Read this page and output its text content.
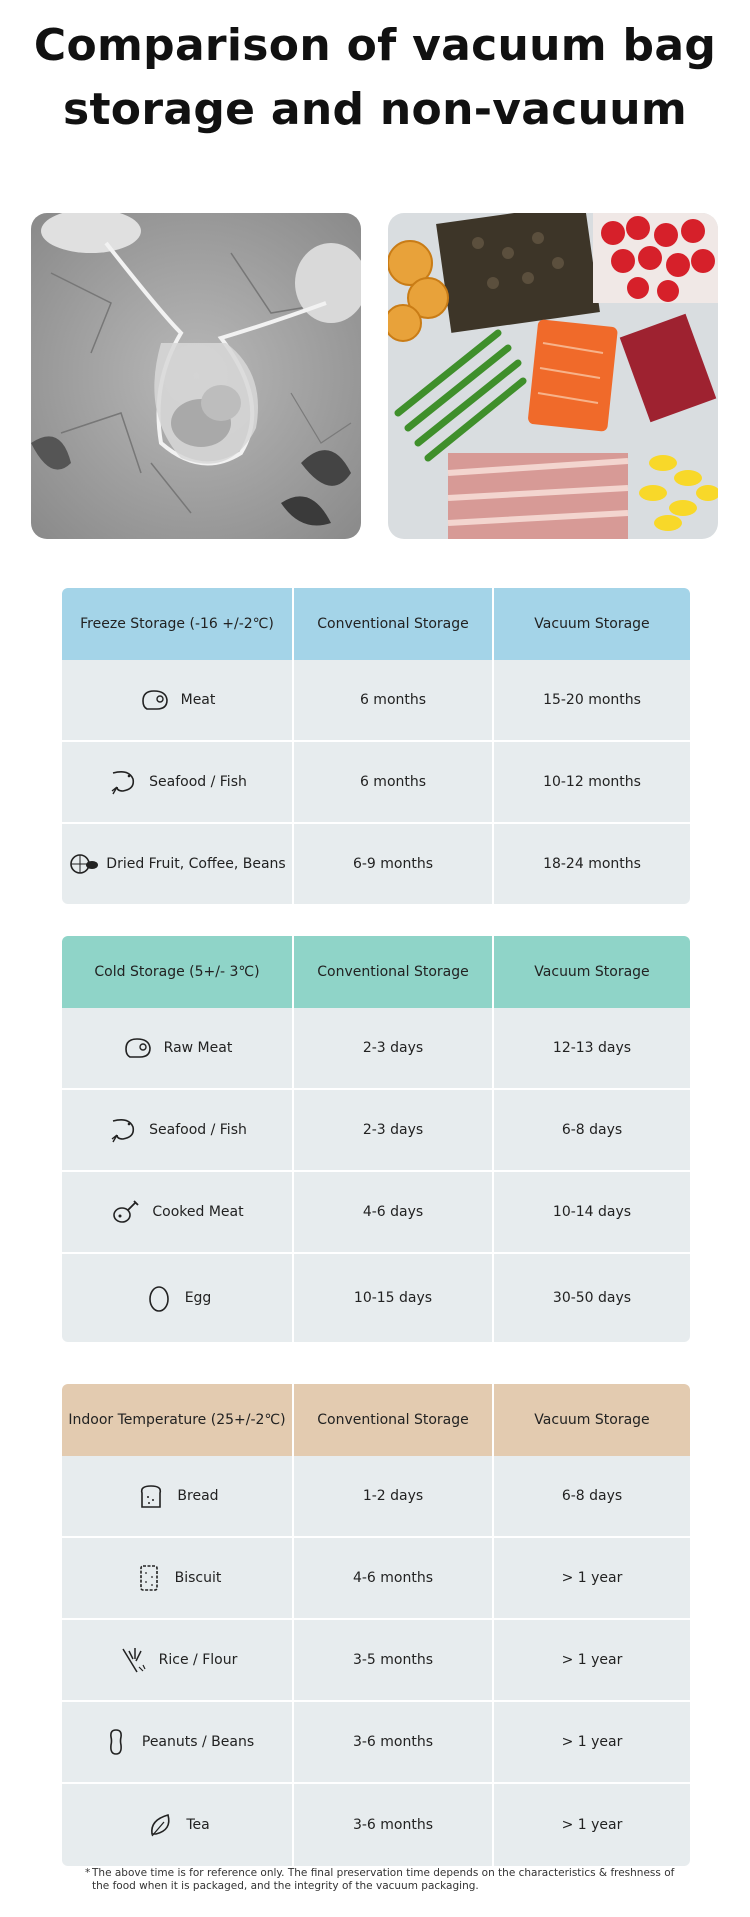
Comparison of vacuum bag
storage and non-vacuum
Freeze Storage (-16 +/-2℃)	Conventional Storage	Vacuum Storage
Meat	6 months	15-20 months
Seafood / Fish	6 months	10-12 months
Dried Fruit, Coffee, Beans	6-9 months	18-24 months
Cold Storage (5+/- 3℃)	Conventional Storage	Vacuum Storage
Raw Meat	2-3 days	12-13 days
Seafood / Fish	2-3 days	6-8 days
Cooked Meat	4-6 days	10-14 days
Egg	10-15 days	30-50 days
Indoor Temperature (25+/-2℃)	Conventional Storage	Vacuum Storage
Bread	1-2 days	6-8 days
Biscuit	4-6 months	> 1 year
Rice / Flour	3-5 months	> 1 year
Peanuts / Beans	3-6 months	> 1 year
Tea	3-6 months	> 1 year
* The above time is for reference only. The final preservation time depends on the characteristics & freshness of
the food when it is packaged, and the integrity of the vacuum packaging.
